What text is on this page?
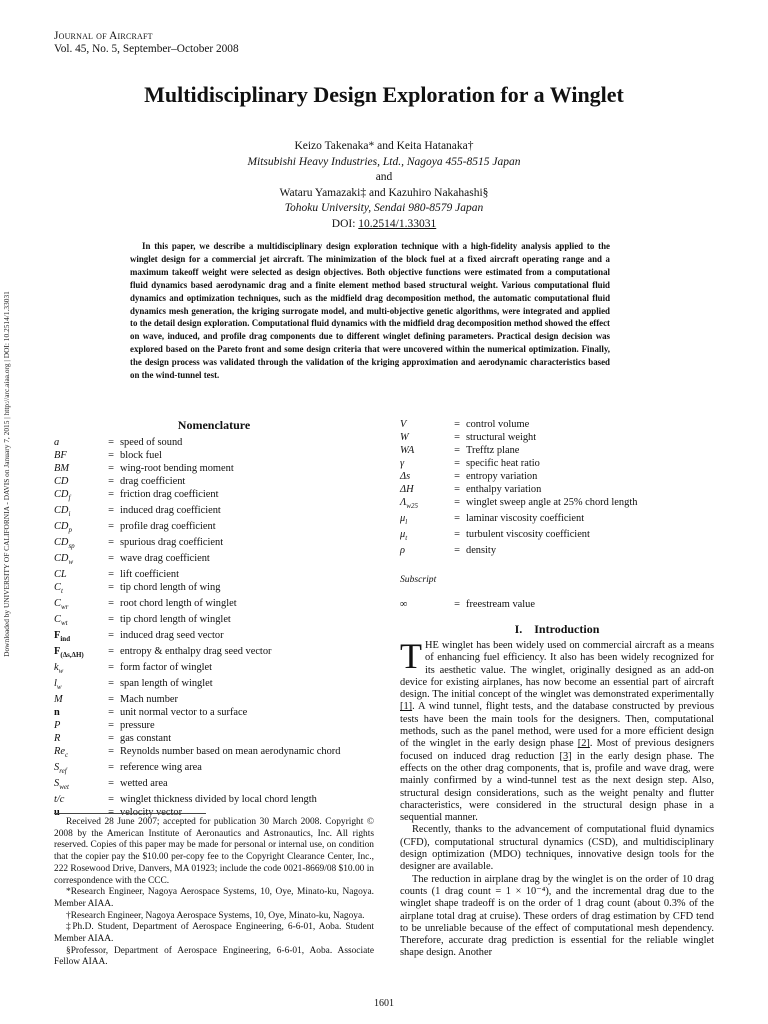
Downloaded by UNIVERSITY OF CALIFORNIA - DAVIS on January 7, 2015 | http://arc.aiaa.org | DOI: 10.2514/1.33031
Journal of Aircraft
Vol. 45, No. 5, September–October 2008
Multidisciplinary Design Exploration for a Winglet
Keizo Takenaka* and Keita Hatanaka†
Mitsubishi Heavy Industries, Ltd., Nagoya 455-8515 Japan
and
Wataru Yamazaki‡ and Kazuhiro Nakahashi§
Tohoku University, Sendai 980-8579 Japan
DOI: 10.2514/1.33031
In this paper, we describe a multidisciplinary design exploration technique with a high-fidelity analysis applied to the winglet design for a commercial jet aircraft. The minimization of the block fuel at a fixed aircraft operating range and a maximum takeoff weight were selected as design objectives. Both objective functions were estimated from a computational fluid dynamics based aerodynamic drag and a finite element method based structural weight. Various computational fluid dynamics and optimization techniques, such as the midfield drag decomposition method, the automatic computational fluid dynamics mesh generation, the kriging surrogate model, and multi-objective genetic algorithms, were integrated and applied to the detail design exploration. Computational fluid dynamics with the midfield drag decomposition method showed the effect on wave, induced, and profile drag components due to different winglet defining parameters. Practical design decision was explored based on the Pareto front and some design criteria that were uncovered within the numerical optimization. Finally, the design process was validated through the validation of the kriging approximation and aerodynamic characteristics based on the wind-tunnel test.
Nomenclature
a	= speed of sound
BF	= block fuel
BM	= wing-root bending moment
CD	= drag coefficient
$CD_f$	= friction drag coefficient
$CD_i$	= induced drag coefficient
$CD_p$	= profile drag coefficient
$CD_{sp}$	= spurious drag coefficient
$CD_w$	= wave drag coefficient
CL	= lift coefficient
$C_t$	= tip chord length of wing
$C_{wr}$	= root chord length of winglet
$C_{wt}$	= tip chord length of winglet
$F_{ind}$	= induced drag seed vector
$F_{(\Delta s,\Delta H)}$	= entropy & enthalpy drag seed vector
$k_w$	= form factor of winglet
$l_w$	= span length of winglet
M	= Mach number
n	= unit normal vector to a surface
P	= pressure
R	= gas constant
$Re_c$	= Reynolds number based on mean aerodynamic chord
$S_{ref}$	= reference wing area
$S_{wet}$	= wetted area
t/c	= winglet thickness divided by local chord length
u	= velocity vector
V	= control volume
W	= structural weight
WA	= Trefftz plane
γ	= specific heat ratio
Δs	= entropy variation
ΔH	= enthalpy variation
$\Lambda_{w25}$	= winglet sweep angle at 25% chord length
$\mu_l$	= laminar viscosity coefficient
$\mu_t$	= turbulent viscosity coefficient
ρ	= density
Subscript
∞	= freestream value

Received 28 June 2007; accepted for publication 30 March 2008. Copyright © 2008 by the American Institute of Aeronautics and Astronautics, Inc. All rights reserved. Copies of this paper may be made for personal or internal use, on condition that the copier pay the $10.00 per-copy fee to the Copyright Clearance Center, Inc., 222 Rosewood Drive, Danvers, MA 01923; include the code 0021-8669/08 $10.00 in correspondence with the CCC.

*Research Engineer, Nagoya Aerospace Systems, 10, Oye, Minato-ku, Nagoya. Member AIAA.

†Research Engineer, Nagoya Aerospace Systems, 10, Oye, Minato-ku, Nagoya.

‡Ph.D. Student, Department of Aerospace Engineering, 6-6-01, Aoba. Student Member AIAA.

§Professor, Department of Aerospace Engineering, 6-6-01, Aoba. Associate Fellow AIAA.

I. Introduction

THE winglet has been widely used on commercial aircraft as a means of enhancing fuel efficiency. It also has been widely recognized for its aesthetic value. The winglet, originally designed as an add-on device for existing airplanes, has now become an essential part of aircraft design. The initial concept of the winglet was demonstrated experimentally [1]. A wind tunnel, flight tests, and the database constructed by previous tests have been the main tools for the designers. Then, computational methods, such as the panel method, were used for a more efficient design of the winglet in the early design phase [2]. Most of previous designers focused on induced drag reduction [3] in the early design phase. The effects on the other drag components, that is, profile and wave drag, were mainly confirmed by a wind-tunnel test as the next design step. Also, structural design considerations, such as the weight penalty and flutter characteristics, were considered in the structural design phase in a sequential manner.

Recently, thanks to the advancement of computational fluid dynamics (CFD), computational structural dynamics (CSD), and multidisciplinary design optimization (MDO) techniques, innovative design tools for the designer are available.

The reduction in airplane drag by the winglet is on the order of 10 drag counts (1 drag count = 1 × 10⁻⁴), and the incremental drag due to the winglet shape tradeoff is on the order of 1 drag count (about 0.3% of the airplane total drag at cruise). These orders of drag estimation by CFD tend to be unreliable because of the effect of computational mesh dependency. Therefore, accurate drag prediction is essential for the reliable winglet shape design. Another

1601
